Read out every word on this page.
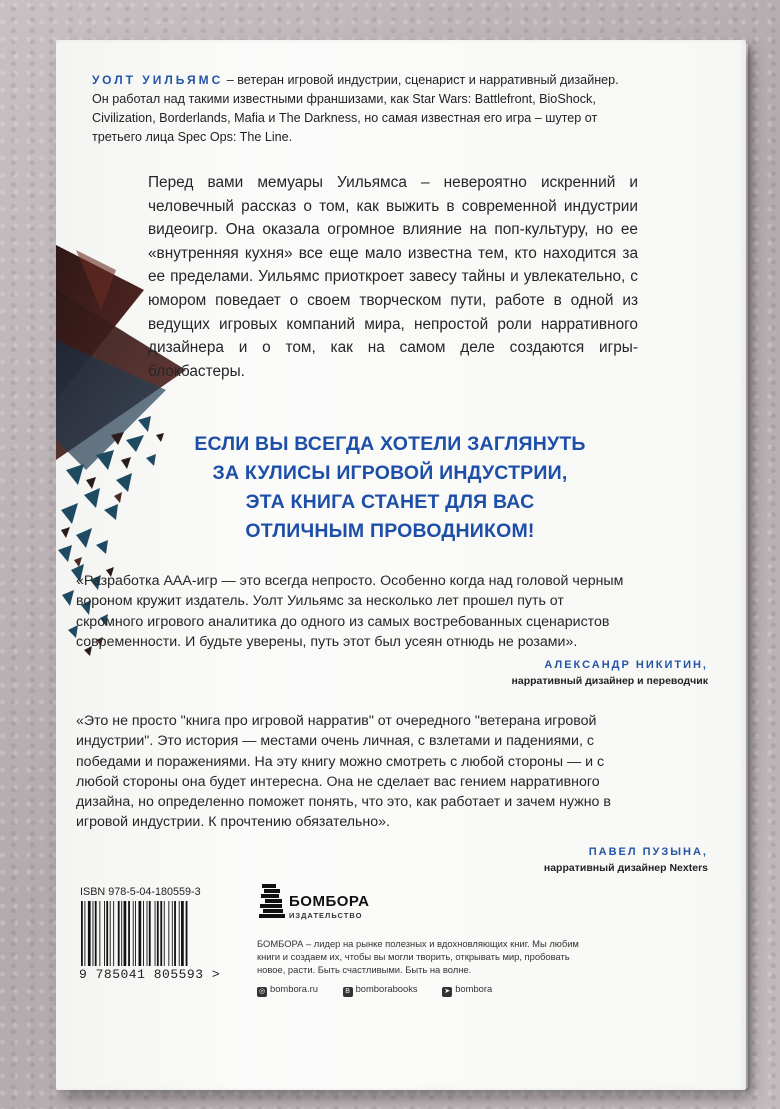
УОЛТ УИЛЬЯМС – ветеран игровой индустрии, сценарист и нарративный дизайнер. Он работал над такими известными франшизами, как Star Wars: Battlefront, BioShock, Civilization, Borderlands, Mafia и The Darkness, но самая известная его игра – шутер от третьего лица Spec Ops: The Line.
Перед вами мемуары Уильямса – невероятно искренний и человечный рассказ о том, как выжить в современной индустрии видеоигр. Она оказала огромное влияние на поп-культуру, но ее «внутренняя кухня» все еще мало известна тем, кто находится за ее пределами. Уильямс приоткроет завесу тайны и увлекательно, с юмором поведает о своем творческом пути, работе в одной из ведущих игровых компаний мира, непростой роли нарративного дизайнера и о том, как на самом деле создаются игры-блокбастеры.
ЕСЛИ ВЫ ВСЕГДА ХОТЕЛИ ЗАГЛЯНУТЬ
ЗА КУЛИСЫ ИГРОВОЙ ИНДУСТРИИ,
ЭТА КНИГА СТАНЕТ ДЛЯ ВАС
ОТЛИЧНЫМ ПРОВОДНИКОМ!
«Разработка AAA-игр — это всегда непросто. Особенно когда над головой черным вороном кружит издатель. Уолт Уильямс за несколько лет прошел путь от скромного игрового аналитика до одного из самых востребованных сценаристов современности. И будьте уверены, путь этот был усеян отнюдь не розами».
АЛЕКСАНДР НИКИТИН,
нарративный дизайнер и переводчик
«Это не просто "книга про игровой нарратив" от очередного "ветерана игровой индустрии". Это история — местами очень личная, с взлетами и падениями, с победами и поражениями. На эту книгу можно смотреть с любой стороны — и с любой стороны она будет интересна. Она не сделает вас гением нарративного дизайна, но определенно поможет понять, что это, как работает и зачем нужно в игровой индустрии. К прочтению обязательно».
ПАВЕЛ ПУЗЫНА,
нарративный дизайнер Nexters
ISBN 978-5-04-180559-3
9 785041 805593 >
БОМБОРА
ИЗДАТЕЛЬСТВО
БОМБОРА – лидер на рынке полезных и вдохновляющих книг. Мы любим книги и создаем их, чтобы вы могли творить, открывать мир, пробовать новое, расти. Быть счастливыми. Быть на волне.
◎ bombora.ru	В bomborabooks	➤ bombora
